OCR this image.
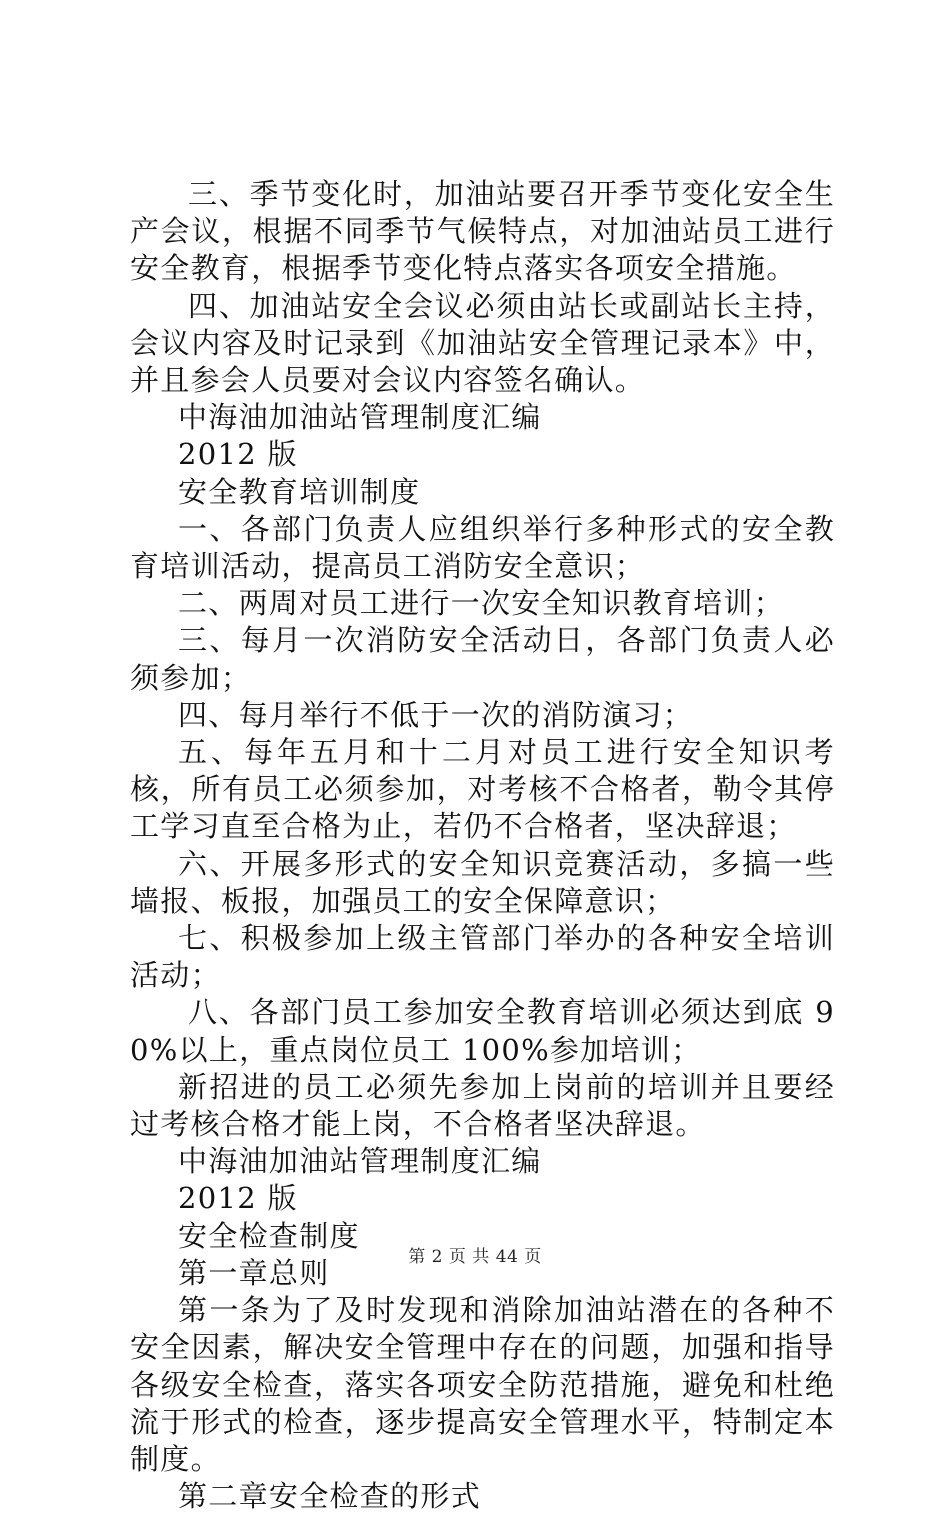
三、季节变化时，加油站要召开季节变化安全生产会议，根据不同季节气候特点，对加油站员工进行安全教育，根据季节变化特点落实各项安全措施。

四、加油站安全会议必须由站长或副站长主持，会议内容及时记录到《加油站安全管理记录本》中，并且参会人员要对会议内容签名确认。

中海油加油站管理制度汇编

2012 版

安全教育培训制度

一、各部门负责人应组织举行多种形式的安全教育培训活动，提高员工消防安全意识；

二、两周对员工进行一次安全知识教育培训；

三、每月一次消防安全活动日，各部门负责人必须参加；

四、每月举行不低于一次的消防演习；

五、每年五月和十二月对员工进行安全知识考核，所有员工必须参加，对考核不合格者，勒令其停工学习直至合格为止，若仍不合格者，坚决辞退；

六、开展多形式的安全知识竞赛活动，多搞一些墙报、板报，加强员工的安全保障意识；

七、积极参加上级主管部门举办的各种安全培训活动；

八、各部门员工参加安全教育培训必须达到底 90%以上，重点岗位员工 100%参加培训；

新招进的员工必须先参加上岗前的培训并且要经过考核合格才能上岗，不合格者坚决辞退。

中海油加油站管理制度汇编

2012 版

安全检查制度

第一章总则

第一条为了及时发现和消除加油站潜在的各种不安全因素，解决安全管理中存在的问题，加强和指导各级安全检查，落实各项安全防范措施，避免和杜绝流于形式的检查，逐步提高安全管理水平，特制定本制度。

第二章安全检查的形式

第 2 页 共 44 页
